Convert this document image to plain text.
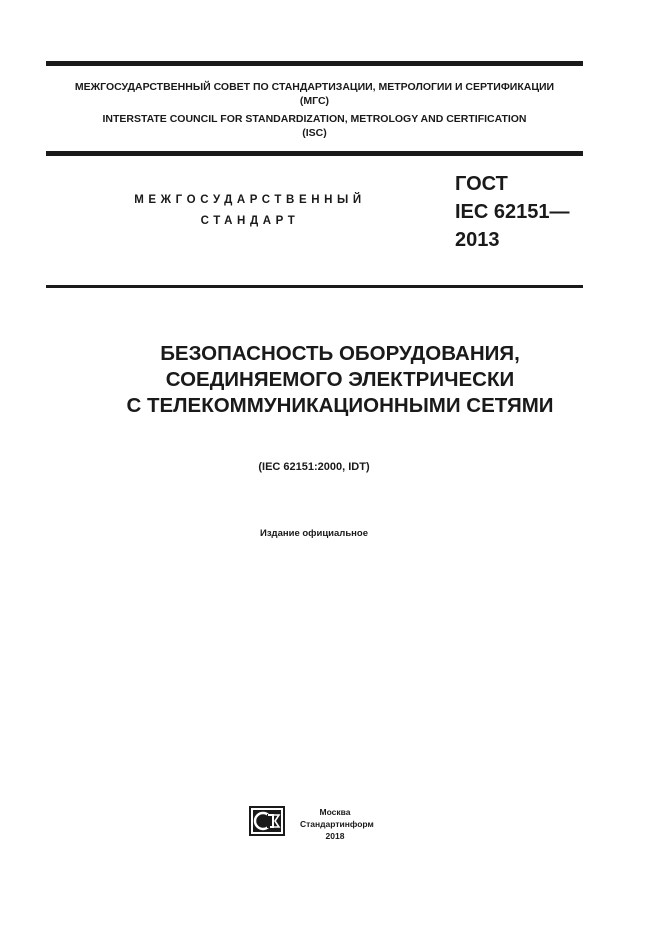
МЕЖГОСУДАРСТВЕННЫЙ СОВЕТ ПО СТАНДАРТИЗАЦИИ, МЕТРОЛОГИИ И СЕРТИФИКАЦИИ
(МГС)
INTERSTATE COUNCIL FOR STANDARDIZATION, METROLOGY AND CERTIFICATION
(ISC)
МЕЖГОСУДАРСТВЕННЫЙ
СТАНДАРТ
ГОСТ
IEC 62151—
2013
БЕЗОПАСНОСТЬ ОБОРУДОВАНИЯ,
СОЕДИНЯЕМОГО ЭЛЕКТРИЧЕСКИ
С ТЕЛЕКОММУНИКАЦИОННЫМИ СЕТЯМИ
(IEC 62151:2000, IDT)
Издание официальное
Москва
Стандартинформ
2018
